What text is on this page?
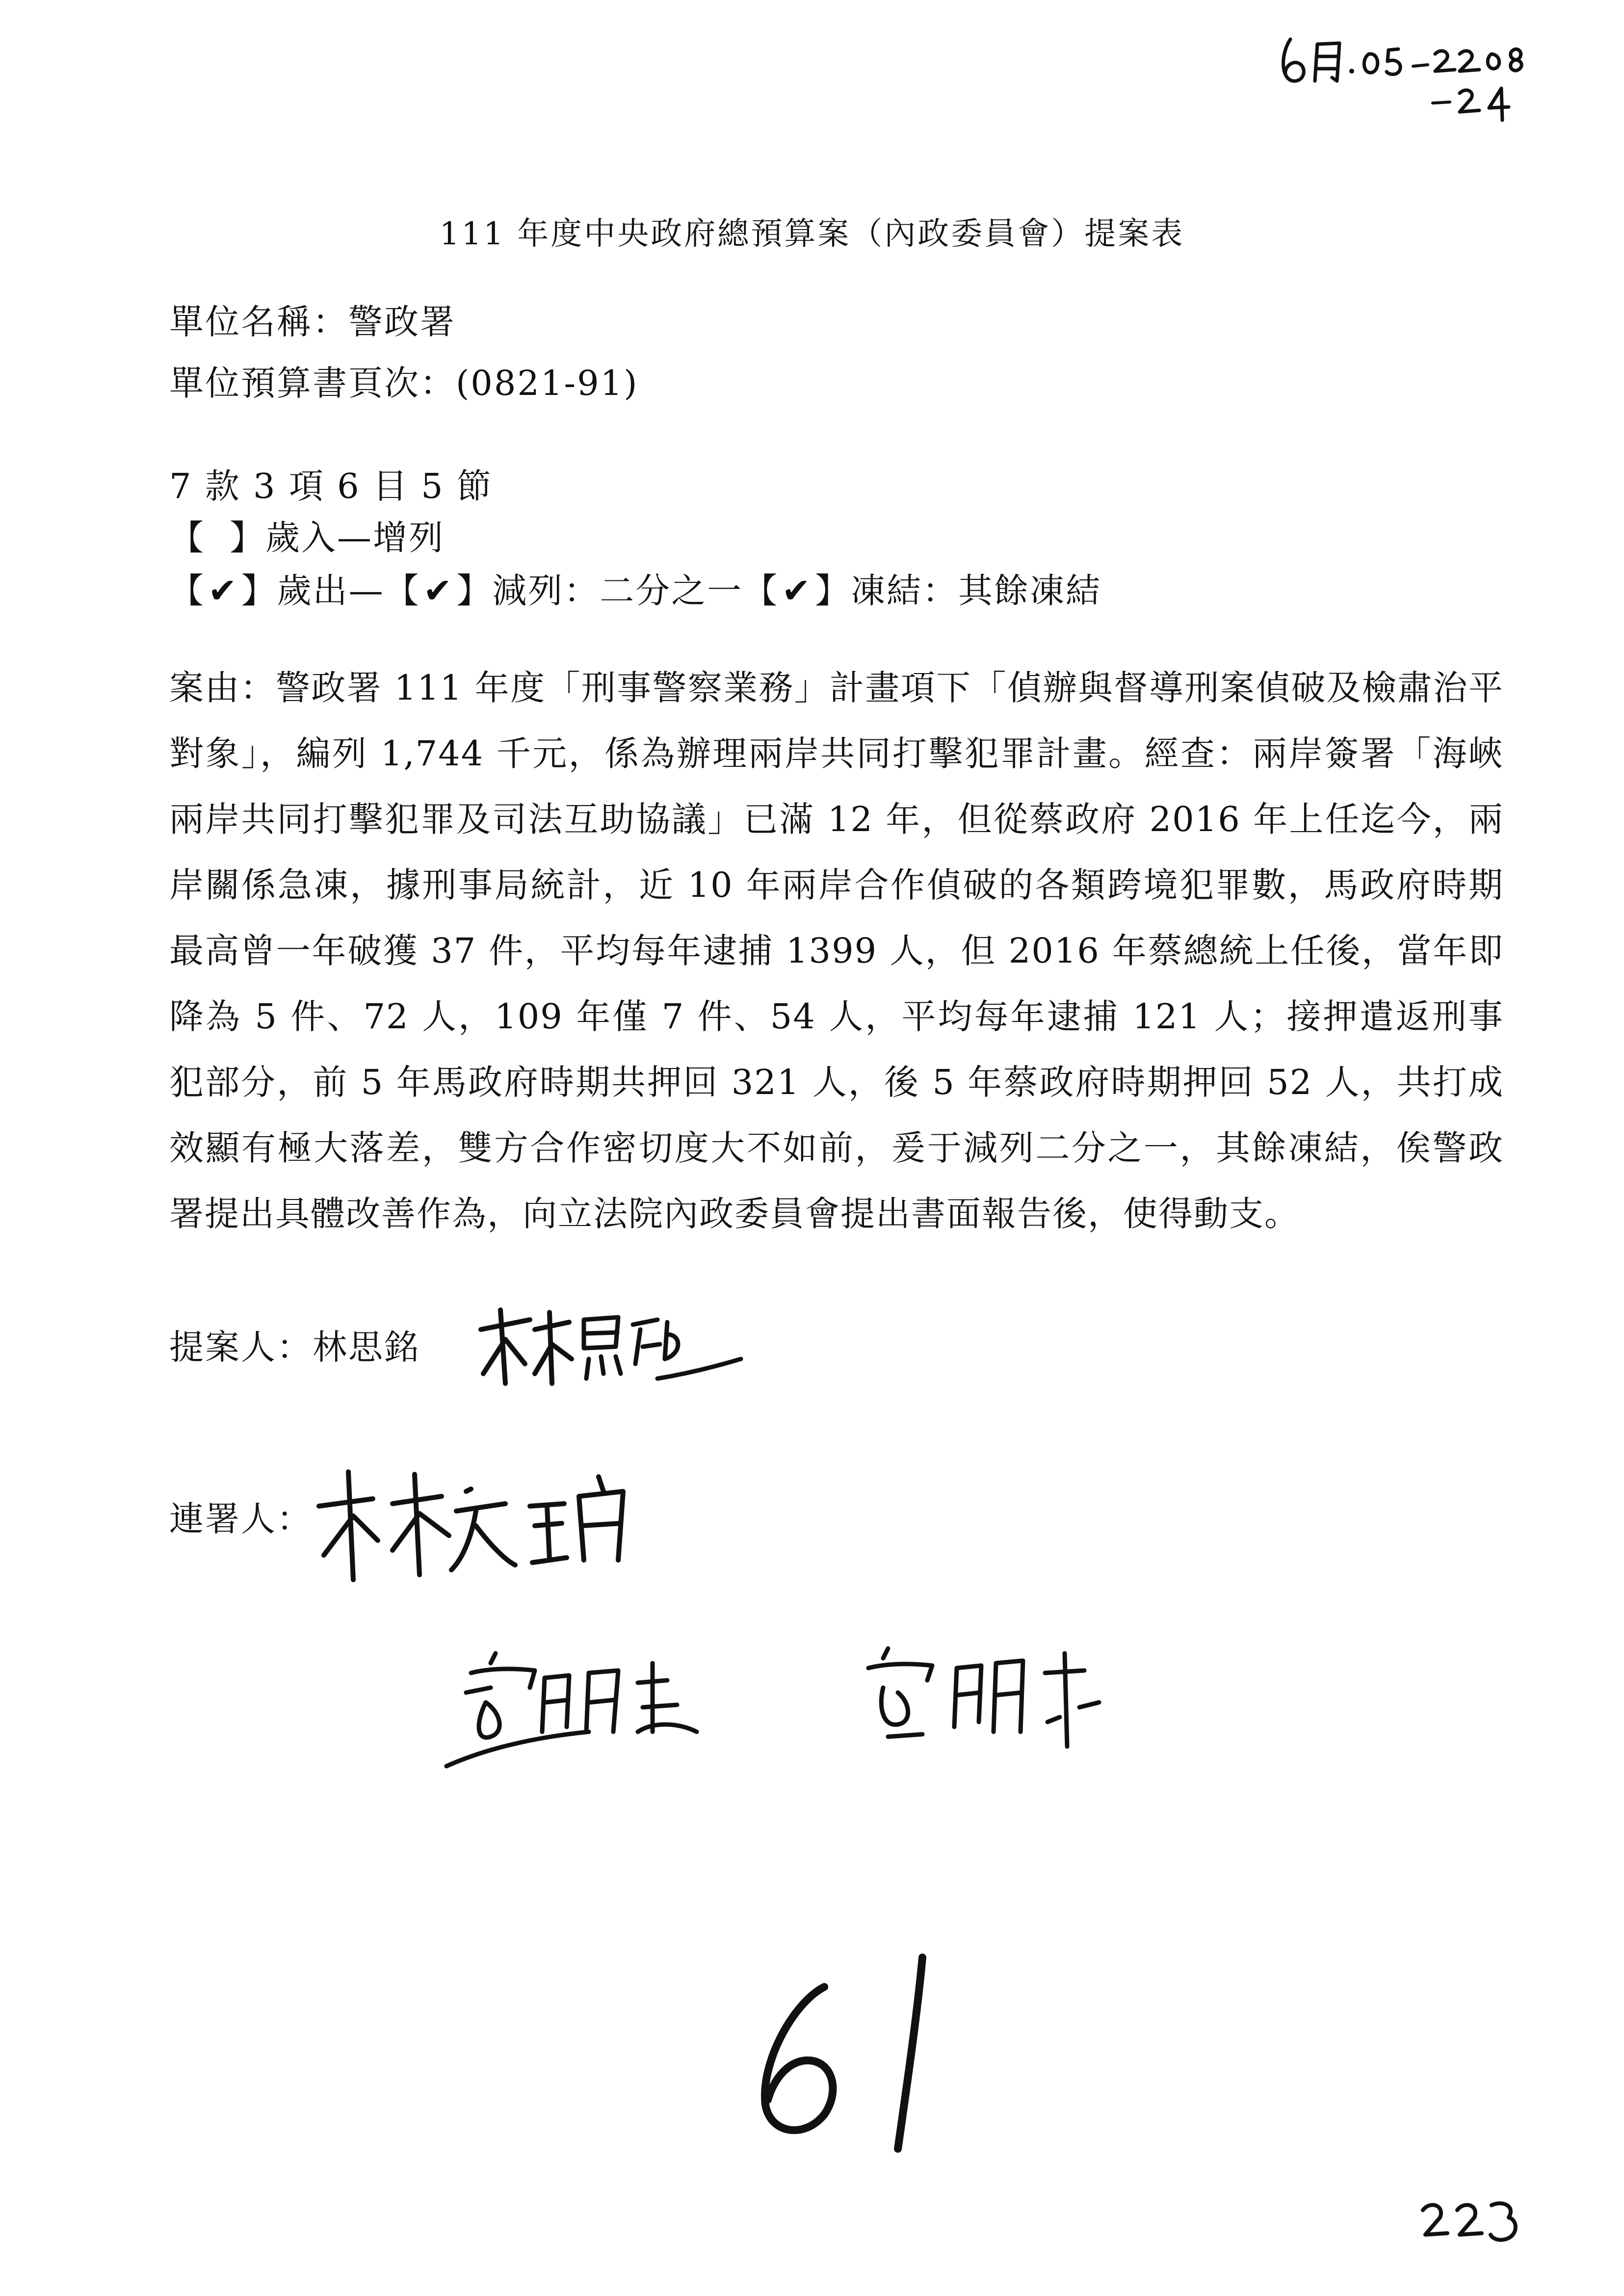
6月.05.2208 -24
111 年度中央政府總預算案（內政委員會）提案表
單位名稱：警政署
單位預算書頁次：(0821-91)
7 款 3 項 6 目 5 節
【 】歲入—增列
【✔】歲出—【✔】減列：二分之一【✔】凍結：其餘凍結
案由：警政署 111 年度「刑事警察業務」計畫項下「偵辦與督導刑案偵破及檢肅治平對象」，編列 1,744 千元，係為辦理兩岸共同打擊犯罪計畫。經查：兩岸簽署「海峽兩岸共同打擊犯罪及司法互助協議」已滿 12 年，但從蔡政府 2016 年上任迄今，兩岸關係急凍，據刑事局統計，近 10 年兩岸合作偵破的各類跨境犯罪數，馬政府時期最高曾一年破獲 37 件，平均每年逮捕 1399 人，但 2016 年蔡總統上任後，當年即降為 5 件、72 人，109 年僅 7 件、54 人，平均每年逮捕 121 人；接押遣返刑事犯部分，前 5 年馬政府時期共押回 321 人，後 5 年蔡政府時期押回 52 人，共打成效顯有極大落差，雙方合作密切度大不如前，爰于減列二分之一，其餘凍結，俟警政署提出具體改善作為，向立法院內政委員會提出書面報告後，使得動支。
提案人：林思銘
連署人：
61
223
